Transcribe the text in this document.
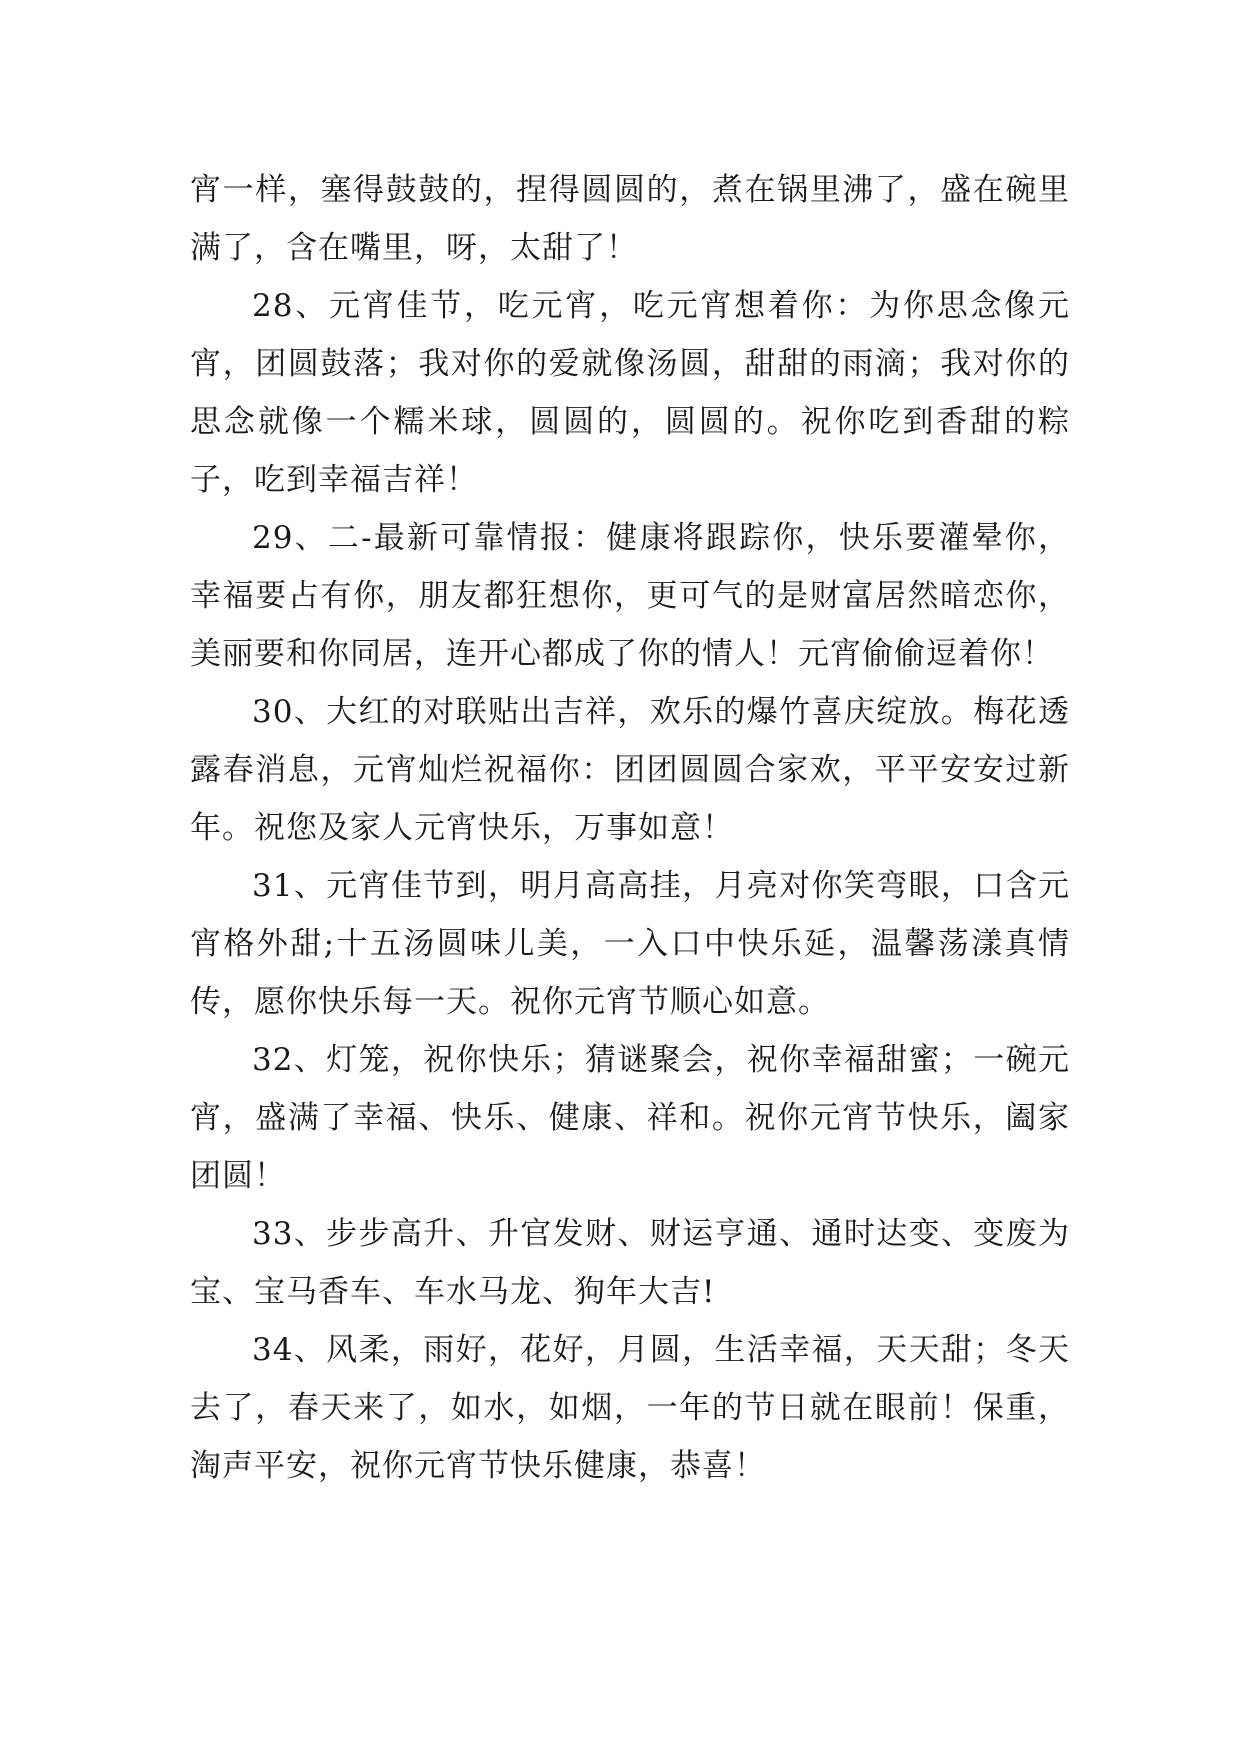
宵一样，塞得鼓鼓的，捏得圆圆的，煮在锅里沸了，盛在碗里满了，含在嘴里，呀，太甜了！

28、元宵佳节，吃元宵，吃元宵想着你：为你思念像元宵，团圆鼓落；我对你的爱就像汤圆，甜甜的雨滴；我对你的思念就像一个糯米球，圆圆的，圆圆的。祝你吃到香甜的粽子，吃到幸福吉祥！

29、二-最新可靠情报：健康将跟踪你，快乐要灌晕你，幸福要占有你，朋友都狂想你，更可气的是财富居然暗恋你，美丽要和你同居，连开心都成了你的情人！元宵偷偷逗着你！

30、大红的对联贴出吉祥，欢乐的爆竹喜庆绽放。梅花透露春消息，元宵灿烂祝福你：团团圆圆合家欢，平平安安过新年。祝您及家人元宵快乐，万事如意！

31、元宵佳节到，明月高高挂，月亮对你笑弯眼，口含元宵格外甜;十五汤圆味儿美，一入口中快乐延，温馨荡漾真情传，愿你快乐每一天。祝你元宵节顺心如意。

32、灯笼，祝你快乐；猜谜聚会，祝你幸福甜蜜；一碗元宵，盛满了幸福、快乐、健康、祥和。祝你元宵节快乐，阖家团圆！

33、步步高升、升官发财、财运亨通、通时达变、变废为宝、宝马香车、车水马龙、狗年大吉!

34、风柔，雨好，花好，月圆，生活幸福，天天甜；冬天去了，春天来了，如水，如烟，一年的节日就在眼前！保重，淘声平安，祝你元宵节快乐健康，恭喜！
